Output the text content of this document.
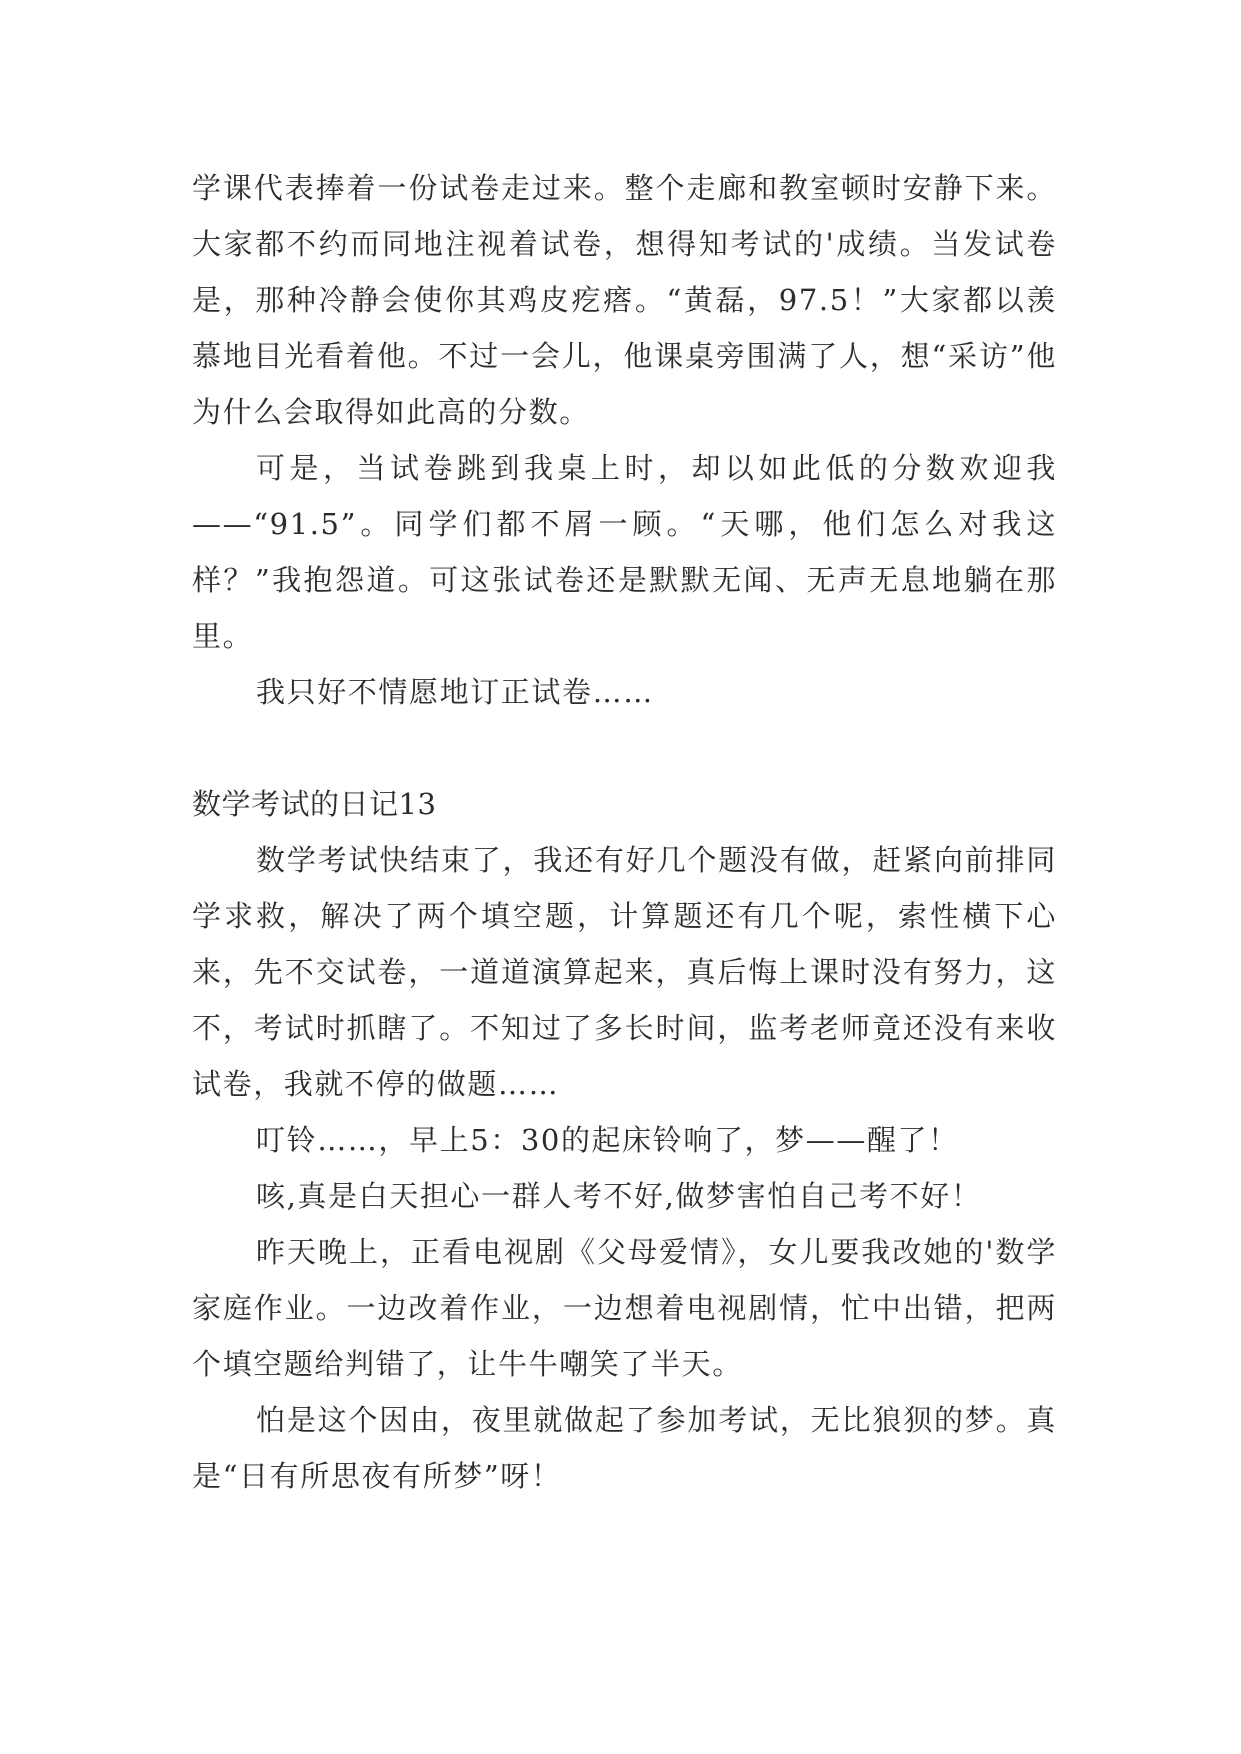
学课代表捧着一份试卷走过来。整个走廊和教室顿时安静下来。大家都不约而同地注视着试卷，想得知考试的'成绩。当发试卷是，那种冷静会使你其鸡皮疙瘩。“黄磊，97.5！”大家都以羡慕地目光看着他。不过一会儿，他课桌旁围满了人，想“采访”他为什么会取得如此高的分数。

可是，当试卷跳到我桌上时，却以如此低的分数欢迎我——“91.5”。同学们都不屑一顾。“天哪，他们怎么对我这样？”我抱怨道。可这张试卷还是默默无闻、无声无息地躺在那里。

我只好不情愿地订正试卷……

数学考试的日记13

数学考试快结束了，我还有好几个题没有做，赶紧向前排同学求救，解决了两个填空题，计算题还有几个呢，索性横下心来，先不交试卷，一道道演算起来，真后悔上课时没有努力，这不，考试时抓瞎了。不知过了多长时间，监考老师竟还没有来收试卷，我就不停的做题……

叮铃……，早上5：30的起床铃响了，梦——醒了！

咳,真是白天担心一群人考不好,做梦害怕自己考不好！

昨天晚上，正看电视剧《父母爱情》，女儿要我改她的'数学家庭作业。一边改着作业，一边想着电视剧情，忙中出错，把两个填空题给判错了，让牛牛嘲笑了半天。

怕是这个因由，夜里就做起了参加考试，无比狼狈的梦。真是“日有所思夜有所梦”呀！
